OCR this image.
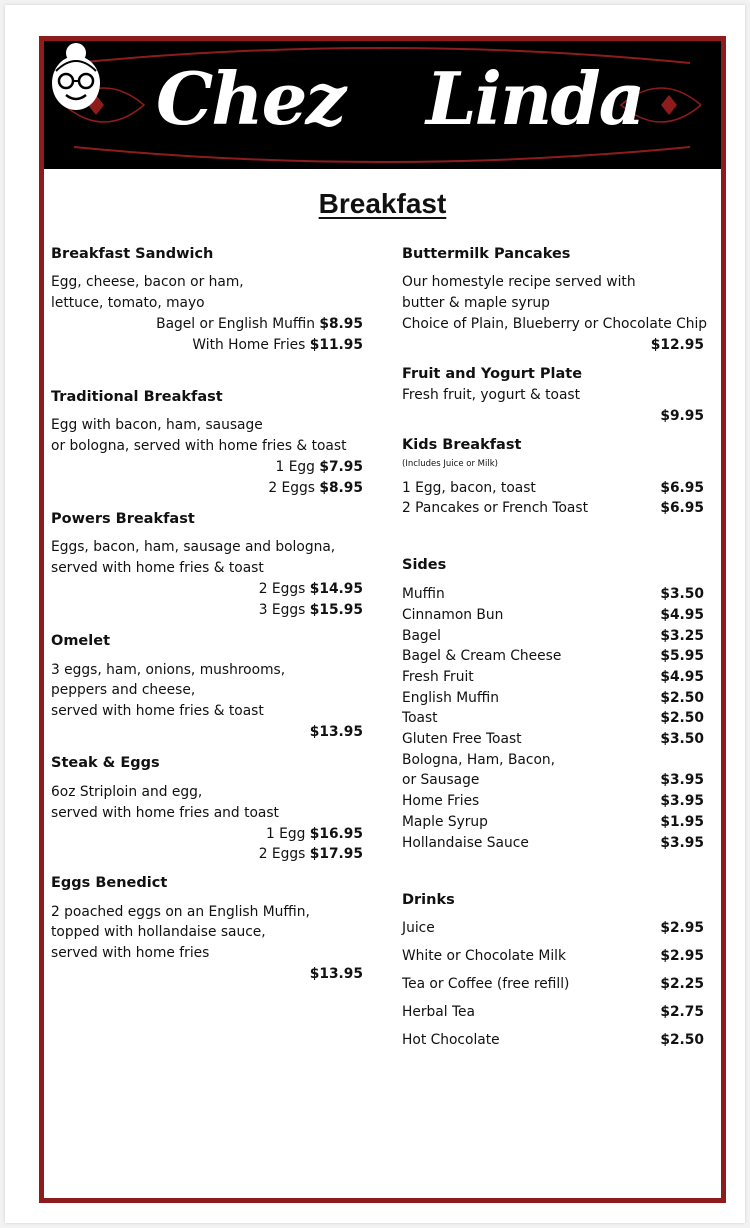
Chez Linda
Breakfast
Breakfast Sandwich
Egg, cheese, bacon or ham,
lettuce, tomato, mayo
Bagel or English Muffin $8.95
With Home Fries $11.95
Traditional Breakfast
Egg with bacon, ham, sausage
or bologna, served with home fries & toast
1 Egg $7.95
2 Eggs $8.95
Powers Breakfast
Eggs, bacon, ham, sausage and bologna,
served with home fries & toast
2 Eggs $14.95
3 Eggs $15.95
Omelet
3 eggs, ham, onions, mushrooms,
peppers and cheese,
served with home fries & toast
$13.95
Steak & Eggs
6oz Striploin and egg,
served with home fries and toast
1 Egg $16.95
2 Eggs $17.95
Eggs Benedict
2 poached eggs on an English Muffin,
topped with hollandaise sauce,
served with home fries
$13.95
Buttermilk Pancakes
Our homestyle recipe served with
butter & maple syrup
Choice of Plain, Blueberry or Chocolate Chip
$12.95
Fruit and Yogurt Plate
Fresh fruit, yogurt & toast
$9.95
Kids Breakfast
(Includes Juice or Milk)
1 Egg, bacon, toast	$6.95
2 Pancakes or French Toast	$6.95
Sides
Muffin	$3.50
Cinnamon Bun	$4.95
Bagel	$3.25
Bagel & Cream Cheese	$5.95
Fresh Fruit	$4.95
English Muffin	$2.50
Toast	$2.50
Gluten Free Toast	$3.50
Bologna, Ham, Bacon,
or Sausage	$3.95
Home Fries	$3.95
Maple Syrup	$1.95
Hollandaise Sauce	$3.95
Drinks
Juice	$2.95
White or Chocolate Milk	$2.95
Tea or Coffee (free refill)	$2.25
Herbal Tea	$2.75
Hot Chocolate	$2.50
